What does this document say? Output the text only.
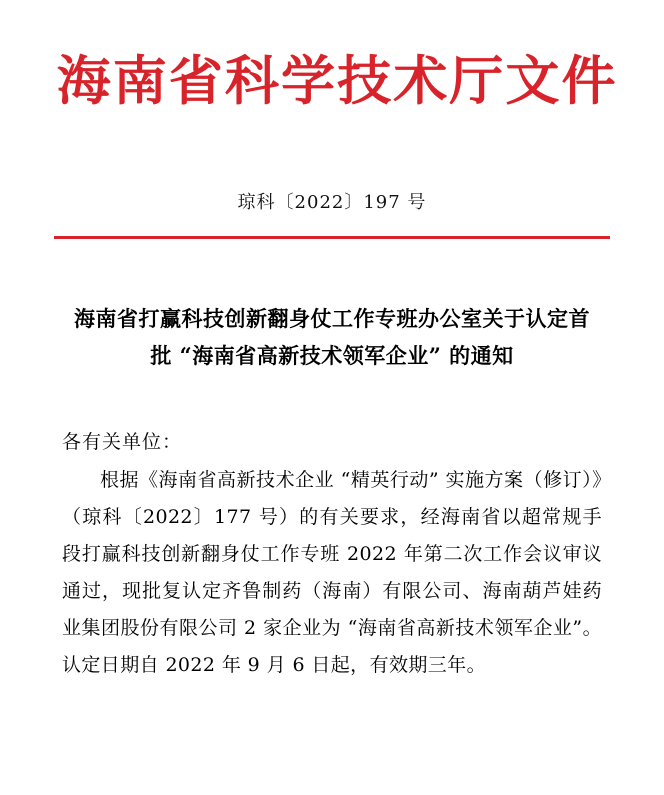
海南省科学技术厅文件
琼科〔2022〕197 号
海南省打赢科技创新翻身仗工作专班办公室关于认定首批 “海南省高新技术领军企业” 的通知
各有关单位：
根据《海南省高新技术企业 “精英行动” 实施方案（修订）》（琼科〔2022〕177 号）的有关要求，经海南省以超常规手段打赢科技创新翻身仗工作专班 2022 年第二次工作会议审议通过，现批复认定齐鲁制药（海南）有限公司、海南葫芦娃药业集团股份有限公司 2 家企业为 “海南省高新技术领军企业”。认定日期自 2022 年 9 月 6 日起，有效期三年。
